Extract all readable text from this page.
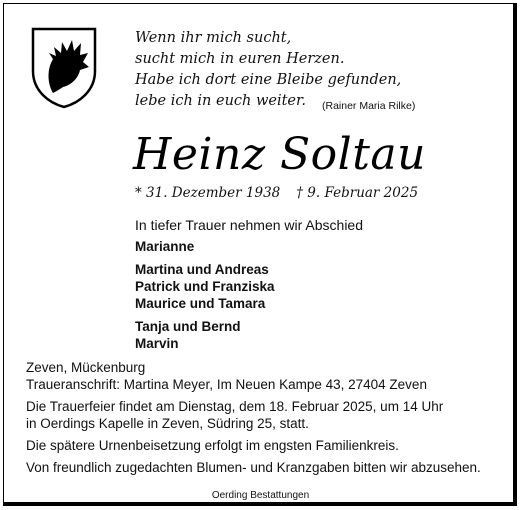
Wenn ihr mich sucht,
sucht mich in euren Herzen.
Habe ich dort eine Bleibe gefunden,
lebe ich in euch weiter.	(Rainer Maria Rilke)
Heinz Soltau
* 31. Dezember 1938 † 9. Februar 2025
In tiefer Trauer nehmen wir Abschied
Marianne
Martina und Andreas
Patrick und Franziska
Maurice und Tamara
Tanja und Bernd
Marvin
Zeven, Mückenburg
Traueranschrift: Martina Meyer, Im Neuen Kampe 43, 27404 Zeven
Die Trauerfeier findet am Dienstag, dem 18. Februar 2025, um 14 Uhr
in Oerdings Kapelle in Zeven, Südring 25, statt.
Die spätere Urnenbeisetzung erfolgt im engsten Familienkreis.
Von freundlich zugedachten Blumen- und Kranzgaben bitten wir abzusehen.
Oerding Bestattungen
